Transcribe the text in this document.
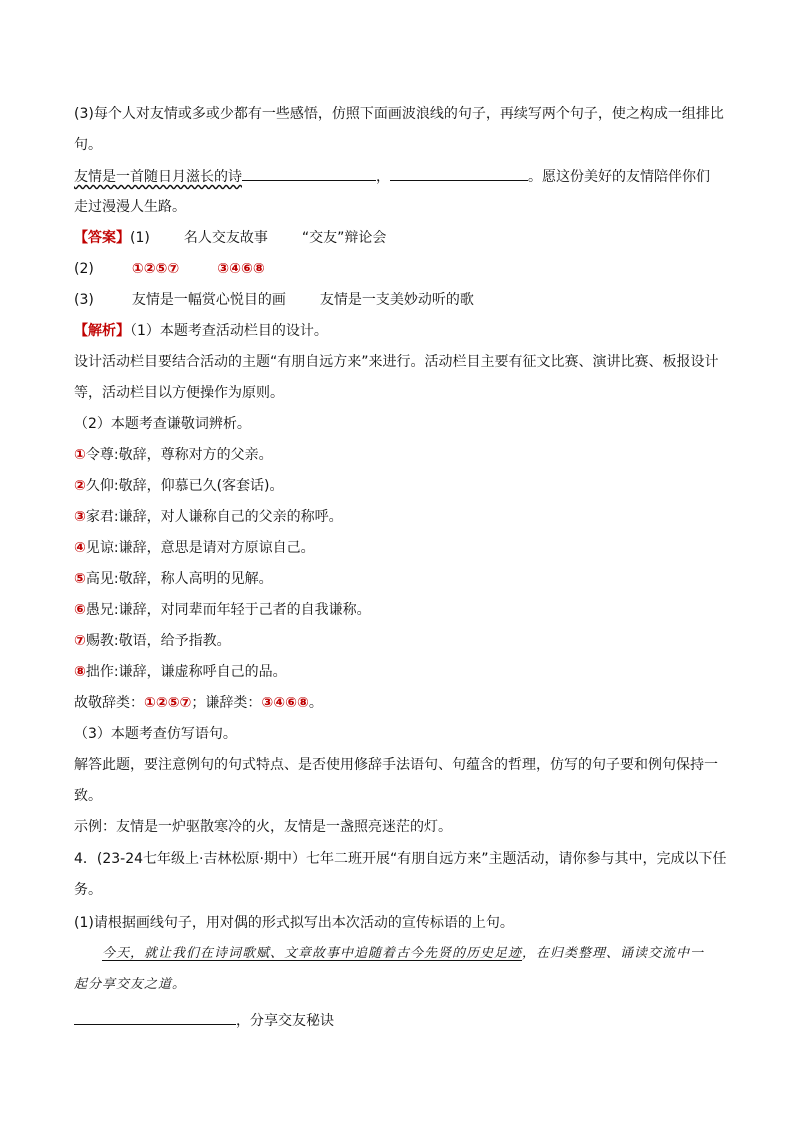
(3)每个人对友情或多或少都有一些感悟，仿照下面画波浪线的句子，再续写两个句子，使之构成一组排比
句。
友情是一首随日月滋长的诗	，	。愿这份美好的友情陪伴你们
走过漫漫人生路。
【答案】(1) 名人交友故事 “交友”辩论会
(2)	①②⑤⑦	③④⑥⑧
(3)	友情是一幅赏心悦目的画 友情是一支美妙动听的歌
【解析】（1）本题考查活动栏目的设计。
设计活动栏目要结合活动的主题“有朋自远方来”来进行。活动栏目主要有征文比赛、演讲比赛、板报设计
等，活动栏目以方便操作为原则。
（2）本题考查谦敬词辨析。
①令尊:敬辞，尊称对方的父亲。
②久仰:敬辞，仰慕已久(客套话)。
③家君:谦辞，对人谦称自己的父亲的称呼。
④见谅:谦辞，意思是请对方原谅自己。
⑤高见:敬辞，称人高明的见解。
⑥愚兄:谦辞，对同辈而年轻于己者的自我谦称。
⑦赐教:敬语，给予指教。
⑧拙作:谦辞，谦虚称呼自己的品。
故敬辞类：①②⑤⑦；谦辞类：③④⑥⑧。
（3）本题考查仿写语句。
解答此题，要注意例句的句式特点、是否使用修辞手法语句、句蕴含的哲理，仿写的句子要和例句保持一
致。
示例：友情是一炉驱散寒冷的火，友情是一盏照亮迷茫的灯。
4．(23-24七年级上·吉林松原·期中）七年二班开展“有朋自远方来”主题活动，请你参与其中，完成以下任
务。
(1)请根据画线句子，用对偶的形式拟写出本次活动的宣传标语的上句。
今天，就让我们在诗词歌赋、文章故事中追随着古今先贤的历史足迹，在归类整理、诵读交流中一
起分享交友之道。
，分享交友秘诀
